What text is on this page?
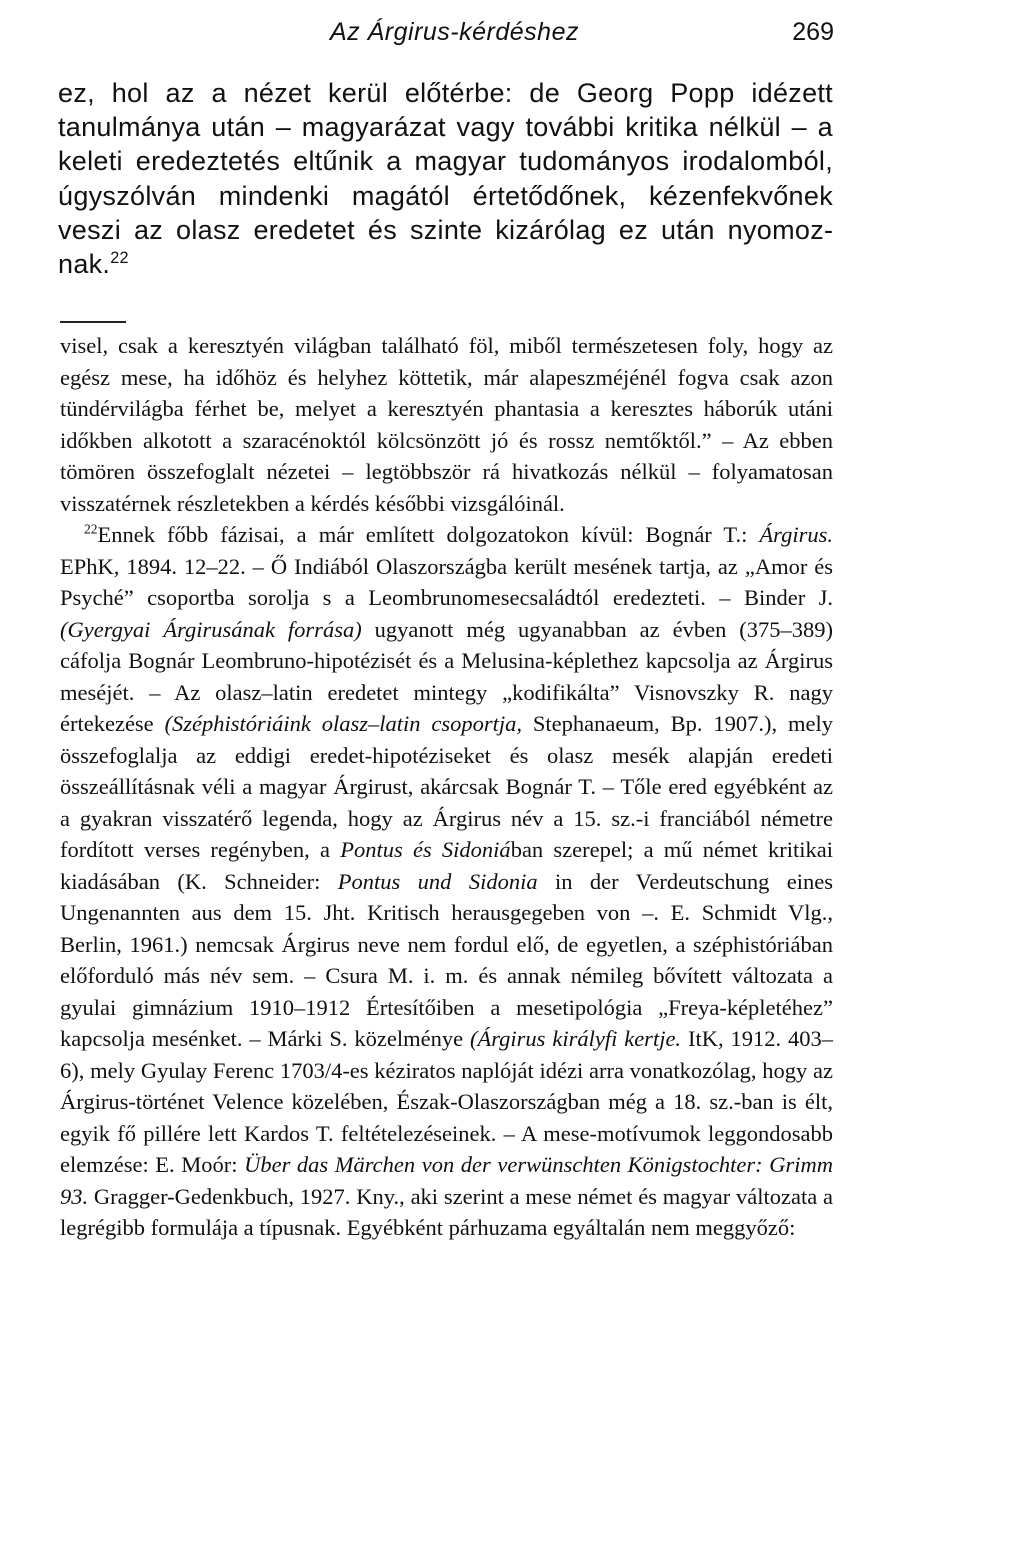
Az Árgirus-kérdéshez	269

ez, hol az a nézet kerül előtérbe: de Georg Popp idézett tanulmánya után – magyarázat vagy további kritika nélkül – a keleti eredeztetés eltűnik a magyar tudományos irodalomból, úgyszólván mindenki magától értetődőnek, kézenfekvőnek veszi az olasz eredetet és szinte kizárólag ez után nyomoznak.$^{22}$

visel, csak a keresztyén világban található föl, miből természetesen foly, hogy az egész mese, ha időhöz és helyhez köttetik, már alapeszméjénél fogva csak azon tündérvilágba férhet be, melyet a keresztyén phantasia a keresztes háborúk utáni időkben alkotott a szaracénoktól kölcsönzött jó és rossz nemtőktől.” – Az ebben tömören összefoglalt nézetei – legtöbbször rá hivatkozás nélkül – folyamatosan visszatérnek részletekben a kérdés későbbi vizsgálóinál.

$^{22}$Ennek főbb fázisai, a már említett dolgozatokon kívül: Bognár T.: Árgirus. EPhK, 1894. 12–22. – Ő Indiából Olaszországba került mesének tartja, az „Amor és Psyché” csoportba sorolja s a Leombrunomesecsaládtól eredezteti. – Binder J. (Gyergyai Árgirusának forrása) ugyanott még ugyanabban az évben (375–389) cáfolja Bognár Leombruno-hipotézisét és a Melusina-képlethez kapcsolja az Árgirus meséjét. – Az olasz–latin eredetet mintegy „kodifikálta” Visnovszky R. nagy értekezése (Széphistóriáink olasz–latin csoportja, Stephanaeum, Bp. 1907.), mely összefoglalja az eddigi eredet-hipotéziseket és olasz mesék alapján eredeti összeállításnak véli a magyar Árgirust, akárcsak Bognár T. – Tőle ered egyébként az a gyakran visszatérő legenda, hogy az Árgirus név a 15. sz.-i franciából németre fordított verses regényben, a Pontus és Sidoniában szerepel; a mű német kritikai kiadásában (K. Schneider: Pontus und Sidonia in der Verdeutschung eines Ungenannten aus dem 15. Jht. Kritisch herausgegeben von –. E. Schmidt Vlg., Berlin, 1961.) nemcsak Árgirus neve nem fordul elő, de egyetlen, a széphistóriában előforduló más név sem. – Csura M. i. m. és annak némileg bővített változata a gyulai gimnázium 1910–1912 Értesítőiben a mesetipológia „Freya-képletéhez” kapcsolja mesénket. – Márki S. közelménye (Árgirus királyfi kertje. ItK, 1912. 403–6), mely Gyulay Ferenc 1703/4-es kéziratos naplóját idézi arra vonatkozólag, hogy az Árgirus-történet Velence közelében, Észak-Olaszországban még a 18. sz.-ban is élt, egyik fő pillére lett Kardos T. feltételezéseinek. – A mese-motívumok leggondosabb elemzése: E. Moór: Über das Märchen von der verwünschten Königstochter: Grimm 93. Gragger-Gedenkbuch, 1927. Kny., aki szerint a mese német és magyar változata a legrégibb formulája a típusnak. Egyébként párhuzama egyáltalán nem meggyőző:
